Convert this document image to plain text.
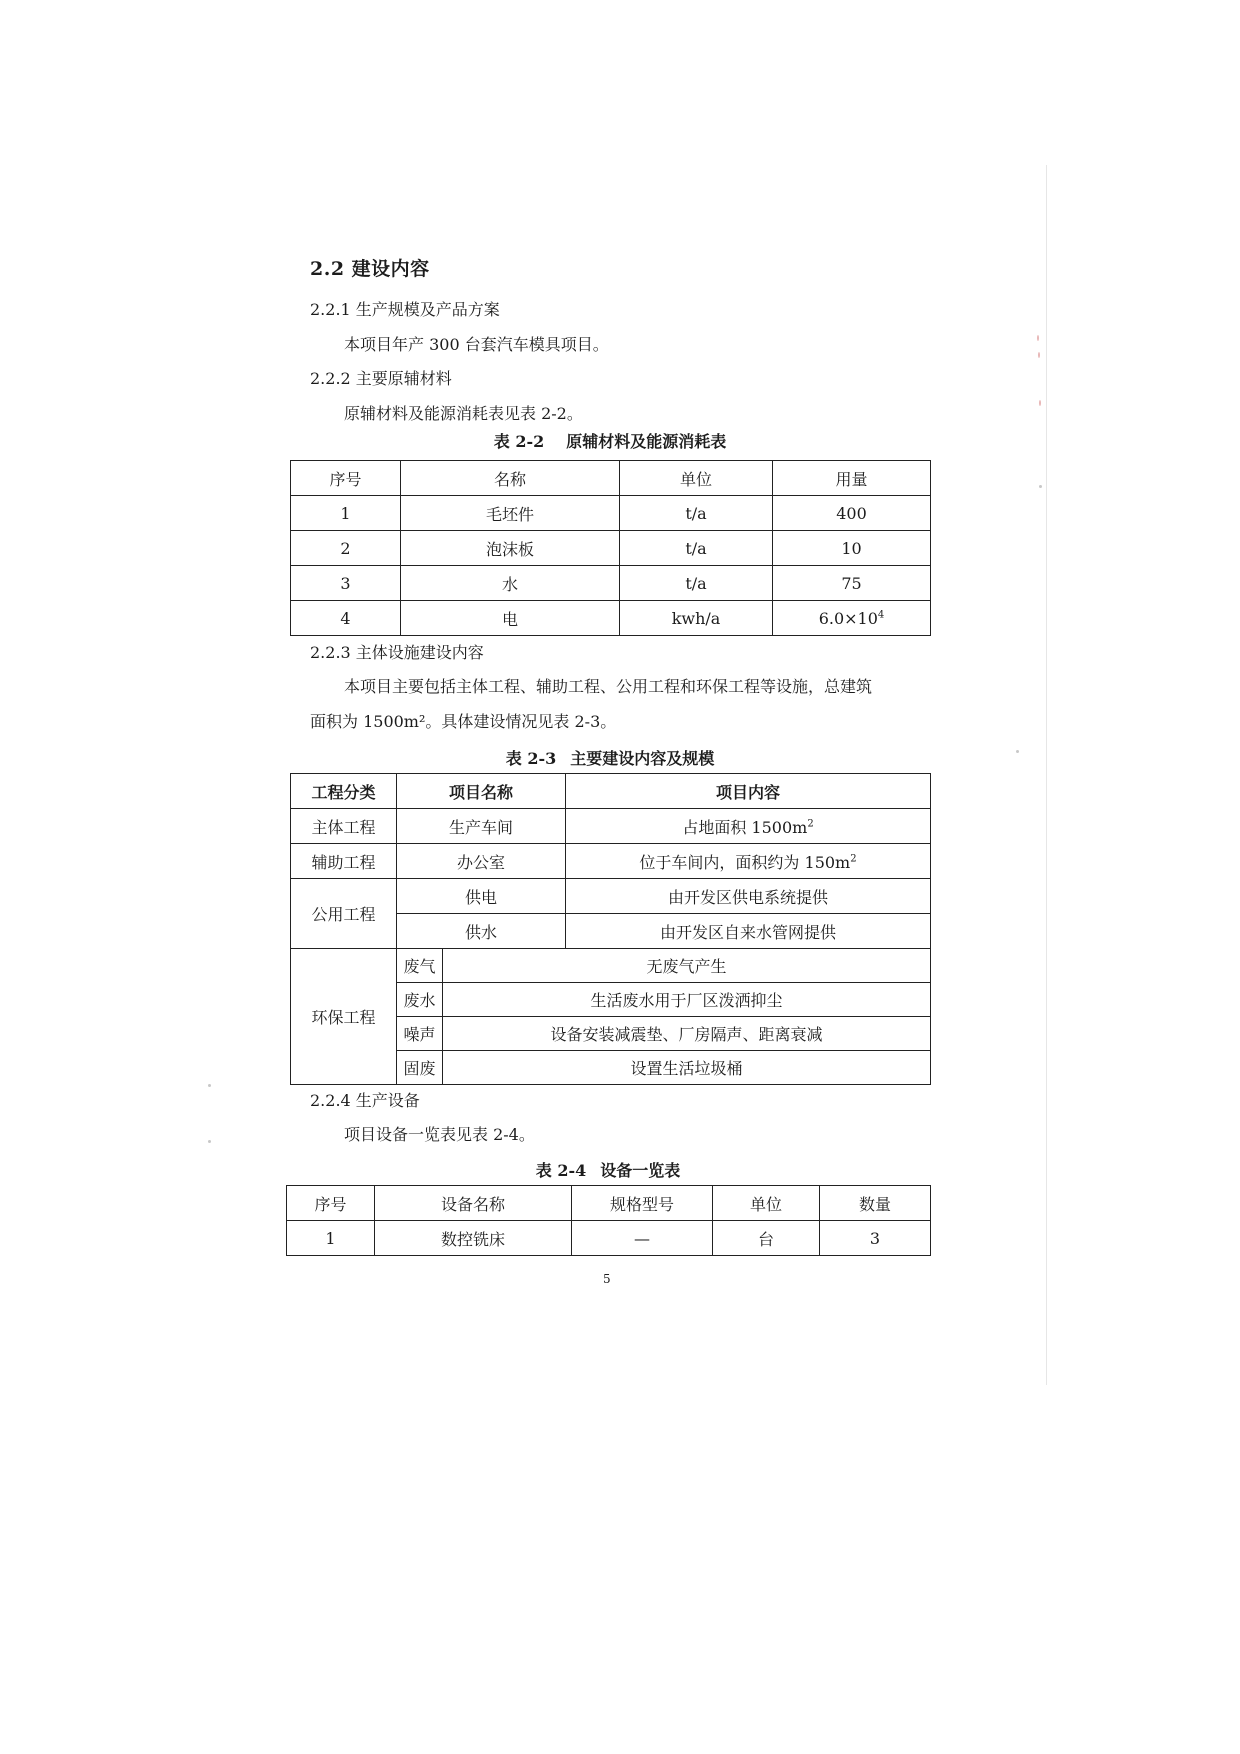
2.2 建设内容
2.2.1 生产规模及产品方案
本项目年产 300 台套汽车模具项目。
2.2.2 主要原辅材料
原辅材料及能源消耗表见表 2-2。
表 2-2 原辅材料及能源消耗表
序号	名称	单位	用量
1	毛坯件	t/a	400
2	泡沫板	t/a	10
3	水	t/a	75
4	电	kwh/a	$6.0\times 10^4$
2.2.3 主体设施建设内容
本项目主要包括主体工程、辅助工程、公用工程和环保工程等设施，总建筑
面积为 1500m²。具体建设情况见表 2-3。
表 2-3 主要建设内容及规模
工程分类	项目名称		项目内容
主体工程	生产车间		占地面积 $1500m^2$
辅助工程	办公室		位于车间内，面积约为 $150m^2$
公用工程	供电		由开发区供电系统提供
	供水		由开发区自来水管网提供
环保工程	废气	无废气产生	
	废水	生活废水用于厂区泼洒抑尘	
	噪声	设备安装减震垫、厂房隔声、距离衰减	
	固废	设置生活垃圾桶	
2.2.4 生产设备
项目设备一览表见表 2-4。
表 2-4 设备一览表
序号	设备名称	规格型号	单位	数量
1	数控铣床	—	台	3
5
